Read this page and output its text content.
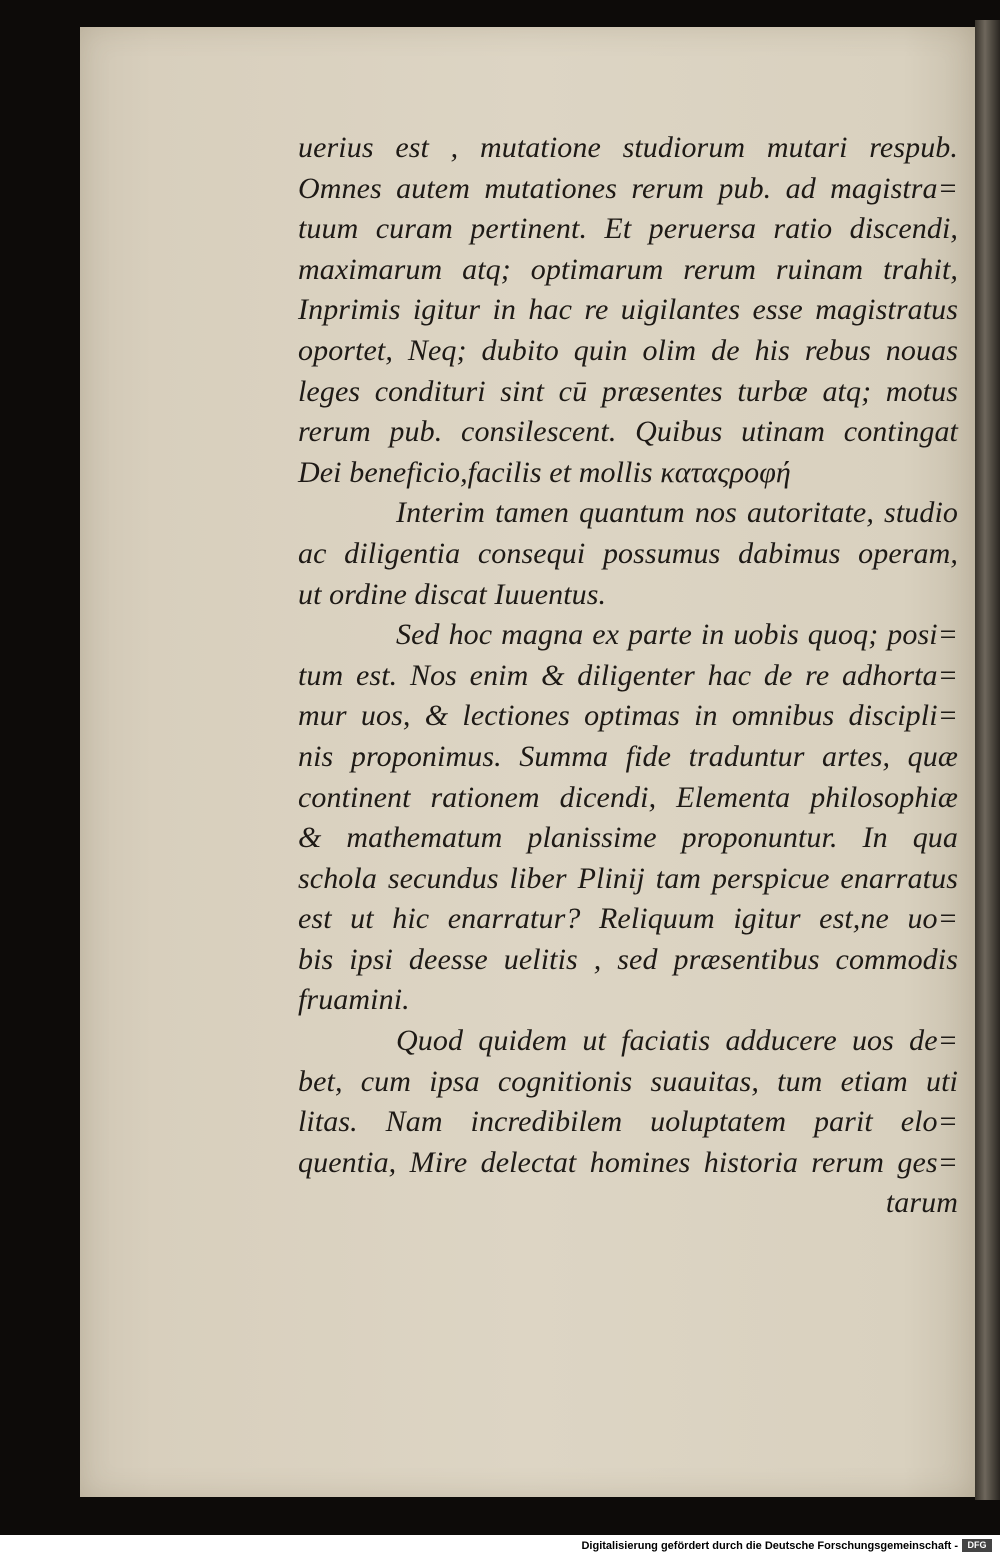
uerius est , mutatione studiorum mutari respub.
Omnes autem mutationes rerum pub. ad magistra=
tuum curam pertinent. Et peruersa ratio discendi,
maximarum atq; optimarum rerum ruinam trahit,
Inprimis igitur in hac re uigilantes esse magistratus
oportet, Neq; dubito quin olim de his rebus nouas
leges condituri sint cū præsentes turbæ atq; motus
rerum pub. consilescent. Quibus utinam contingat
Dei beneficio,facilis et mollis καταςροφή
Interim tamen quantum nos autoritate, studio
ac diligentia consequi possumus dabimus operam,
ut ordine discat Iuuentus.
Sed hoc magna ex parte in uobis quoq; posi=
tum est. Nos enim & diligenter hac de re adhorta=
mur uos, & lectiones optimas in omnibus discipli=
nis proponimus. Summa fide traduntur artes, quæ
continent rationem dicendi, Elementa philosophiæ
& mathematum planissime proponuntur. In qua
schola secundus liber Plinij tam perspicue enarratus
est ut hic enarratur? Reliquum igitur est,ne uo=
bis ipsi deesse uelitis , sed præsentibus commodis
fruamini.
Quod quidem ut faciatis adducere uos de=
bet, cum ipsa cognitionis suauitas, tum etiam uti
litas. Nam incredibilem uoluptatem parit elo=
quentia, Mire delectat homines historia rerum ges=
tarum
Digitalisierung gefördert durch die Deutsche Forschungsgemeinschaft -	DFG
